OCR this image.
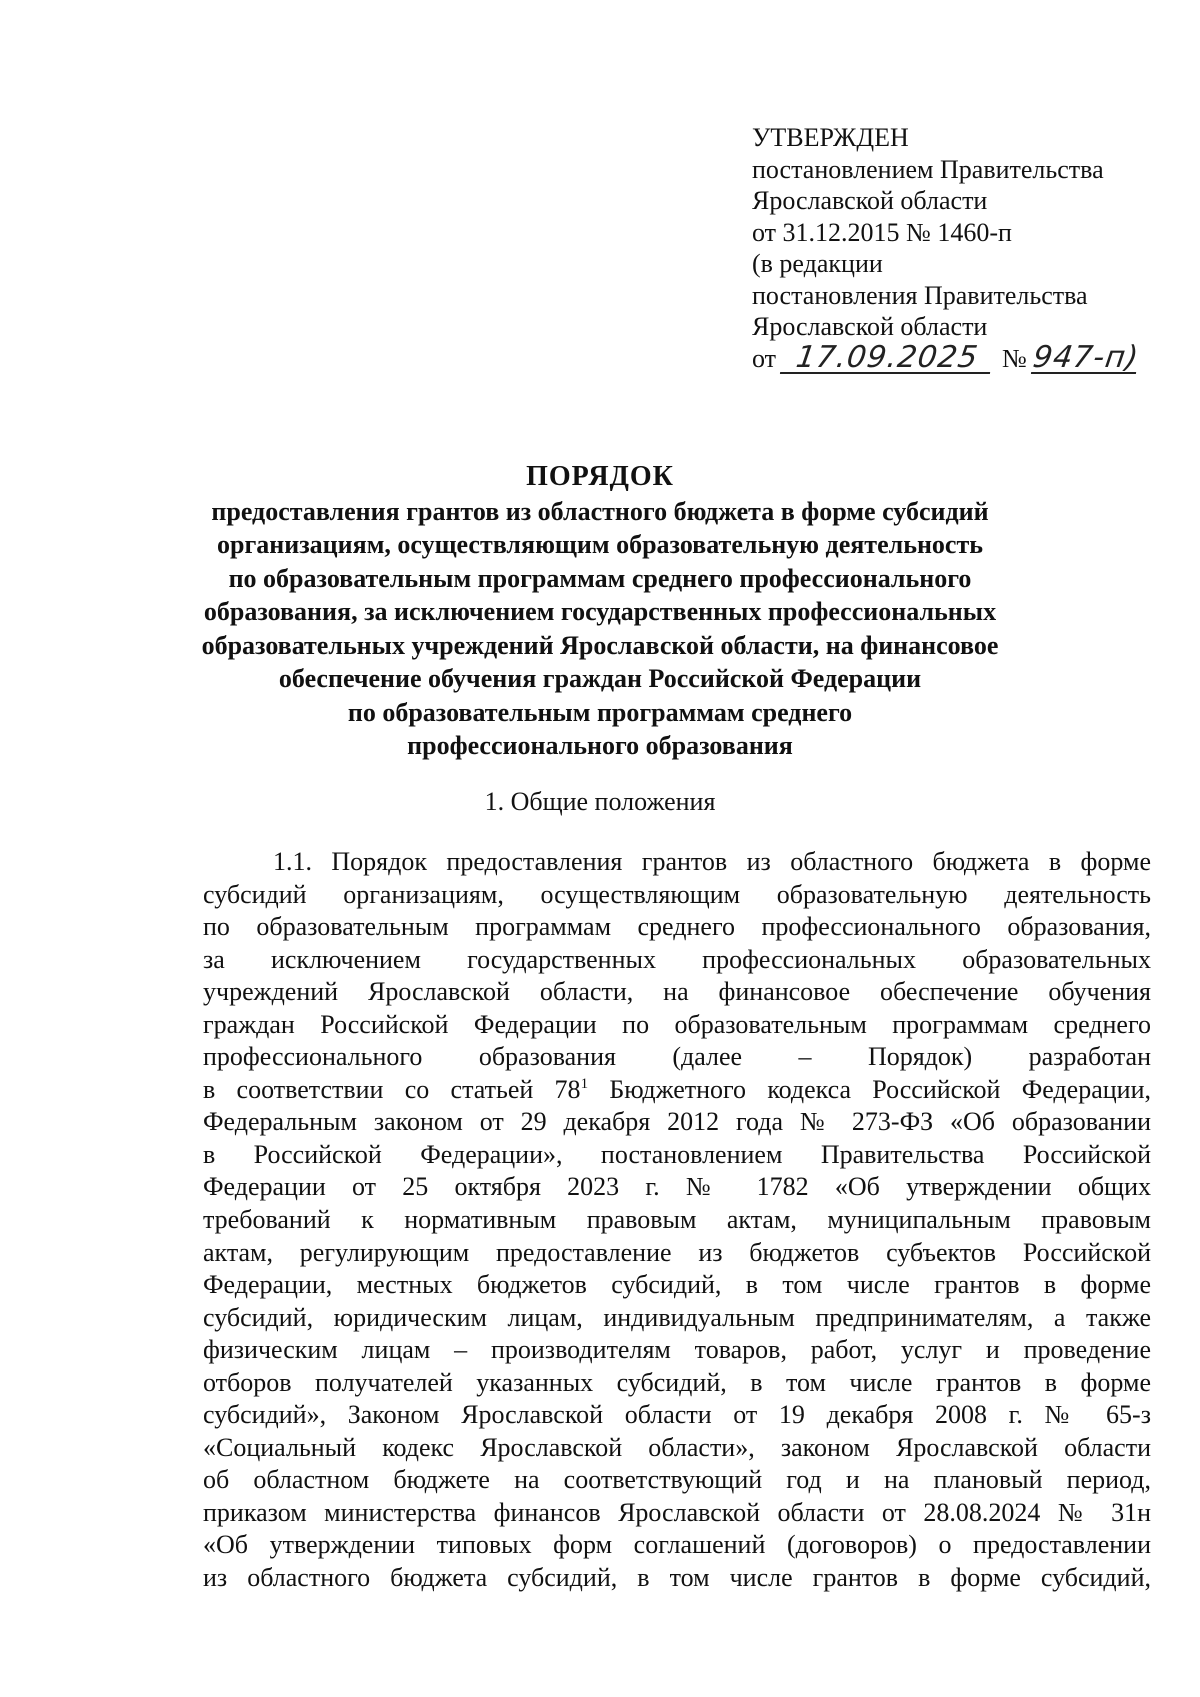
УТВЕРЖДЕН
постановлением Правительства
Ярославской области
от 31.12.2015 № 1460-п
(в редакции
постановления Правительства
Ярославской области
от 17.09.2025 № 947-п)
ПОРЯДОК
предоставления грантов из областного бюджета в форме субсидий
организациям, осуществляющим образовательную деятельность
по образовательным программам среднего профессионального
образования, за исключением государственных профессиональных
образовательных учреждений Ярославской области, на финансовое
обеспечение обучения граждан Российской Федерации
по образовательным программам среднего
профессионального образования
1. Общие положения
1.1. Порядок предоставления грантов из областного бюджета в форме
субсидий организациям, осуществляющим образовательную деятельность
по образовательным программам среднего профессионального образования,
за исключением государственных профессиональных образовательных
учреждений Ярославской области, на финансовое обеспечение обучения
граждан Российской Федерации по образовательным программам среднего
профессионального образования (далее – Порядок) разработан
в соответствии со статьей 78$^1$ Бюджетного кодекса Российской Федерации,
Федеральным законом от 29 декабря 2012 года № 273-ФЗ «Об образовании
в Российской Федерации», постановлением Правительства Российской
Федерации от 25 октября 2023 г. № 1782 «Об утверждении общих
требований к нормативным правовым актам, муниципальным правовым
актам, регулирующим предоставление из бюджетов субъектов Российской
Федерации, местных бюджетов субсидий, в том числе грантов в форме
субсидий, юридическим лицам, индивидуальным предпринимателям, а также
физическим лицам – производителям товаров, работ, услуг и проведение
отборов получателей указанных субсидий, в том числе грантов в форме
субсидий», Законом Ярославской области от 19 декабря 2008 г. № 65-з
«Социальный кодекс Ярославской области», законом Ярославской области
об областном бюджете на соответствующий год и на плановый период,
приказом министерства финансов Ярославской области от 28.08.2024 № 31н
«Об утверждении типовых форм соглашений (договоров) о предоставлении
из областного бюджета субсидий, в том числе грантов в форме субсидий,
